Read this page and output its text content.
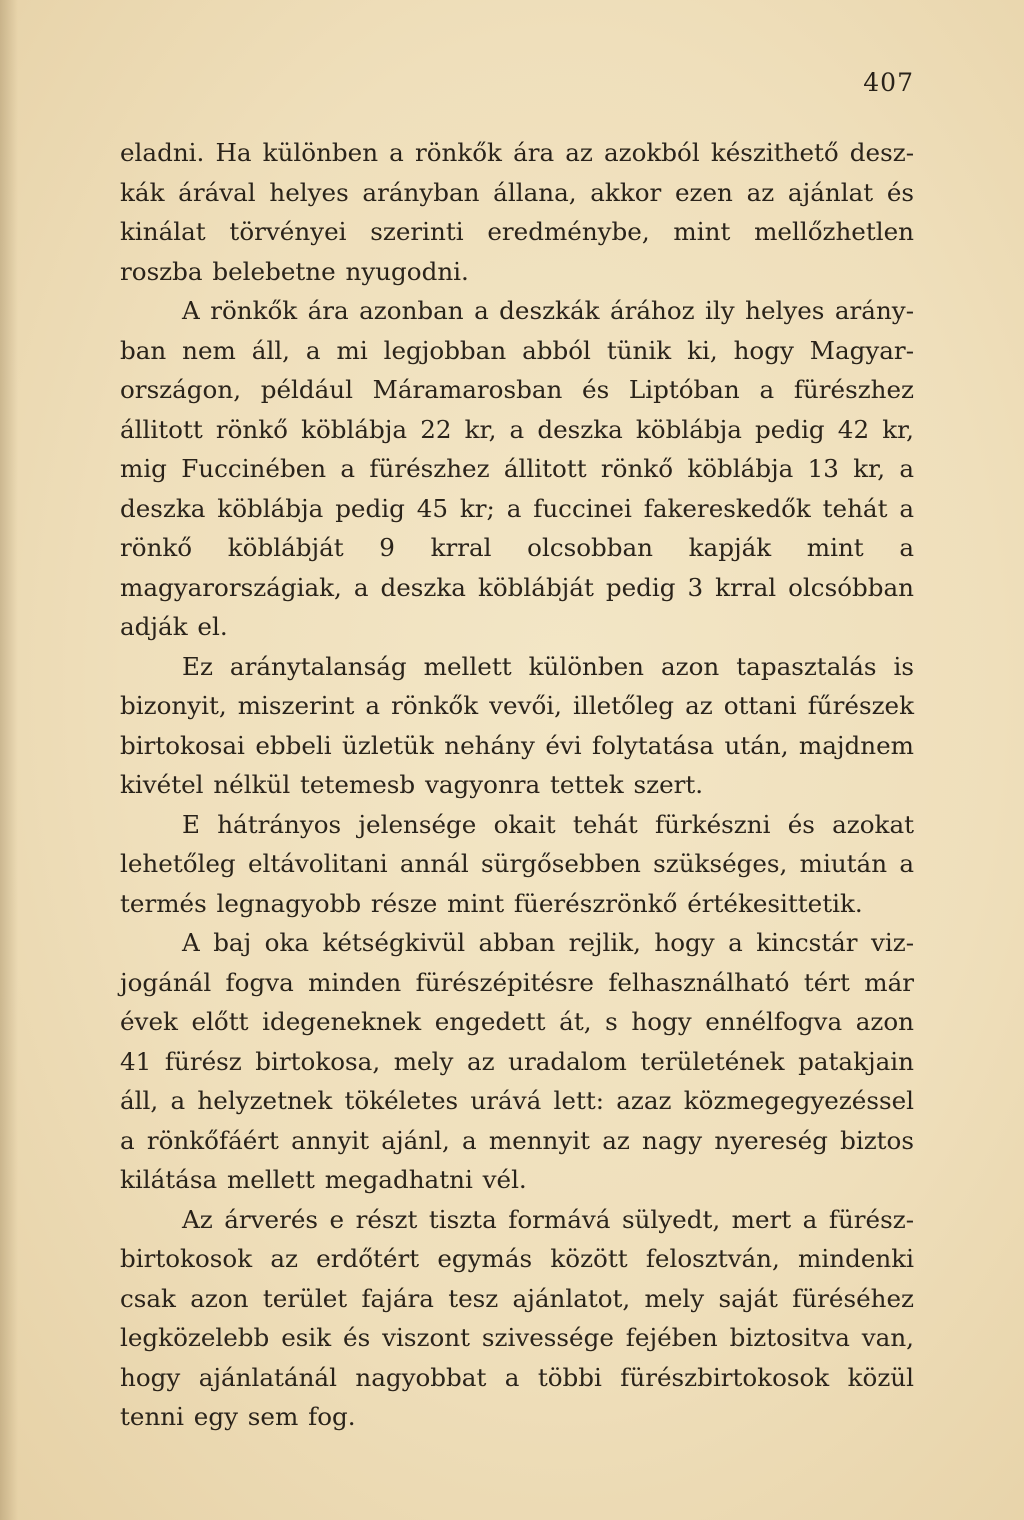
407

eladni. Ha különben a rönkők ára az azokból készithető deszkák árával helyes arányban állana, akkor ezen az ajánlat és kinálat törvényei szerinti eredménybe, mint mellőzhetlen roszba belebetne nyugodni.

A rönkők ára azonban a deszkák árához ily helyes arányban nem áll, a mi legjobban abból tünik ki, hogy Magyarországon, például Máramarosban és Liptóban a fürészhez állitott rönkő köblábja 22 kr, a deszka köblábja pedig 42 kr, mig Fuccinében a fürészhez állitott rönkő köblábja 13 kr, a deszka köblábja pedig 45 kr; a fuccinei fakereskedők tehát a rönkő köblábját 9 krral olcsobban kapják mint a magyarországiak, a deszka köblábját pedig 3 krral olcsóbban adják el.

Ez aránytalanság mellett különben azon tapasztalás is bizonyit, miszerint a rönkők vevői, illetőleg az ottani fűrészek birtokosai ebbeli üzletük nehány évi folytatása után, majdnem kivétel nélkül tetemesb vagyonra tettek szert.

E hátrányos jelensége okait tehát fürkészni és azokat lehetőleg eltávolitani annál sürgősebben szükséges, miután a termés legnagyobb része mint füerészrönkő értékesittetik.

A baj oka kétségkivül abban rejlik, hogy a kincstár vizjogánál fogva minden fürészépitésre felhasználható tért már évek előtt idegeneknek engedett át, s hogy ennélfogva azon 41 fürész birtokosa, mely az uradalom területének patakjain áll, a helyzetnek tökéletes urává lett: azaz közmegegyezéssel a rönkőfáért annyit ajánl, a mennyit az nagy nyereség biztos kilátása mellett megadhatni vél.

Az árverés e részt tiszta formává sülyedt, mert a fürészbirtokosok az erdőtért egymás között felosztván, mindenki csak azon terület fajára tesz ajánlatot, mely saját füréséhez legközelebb esik és viszont szivessége fejében biztositva van, hogy ajánlatánál nagyobbat a többi fürészbirtokosok közül tenni egy sem fog.
